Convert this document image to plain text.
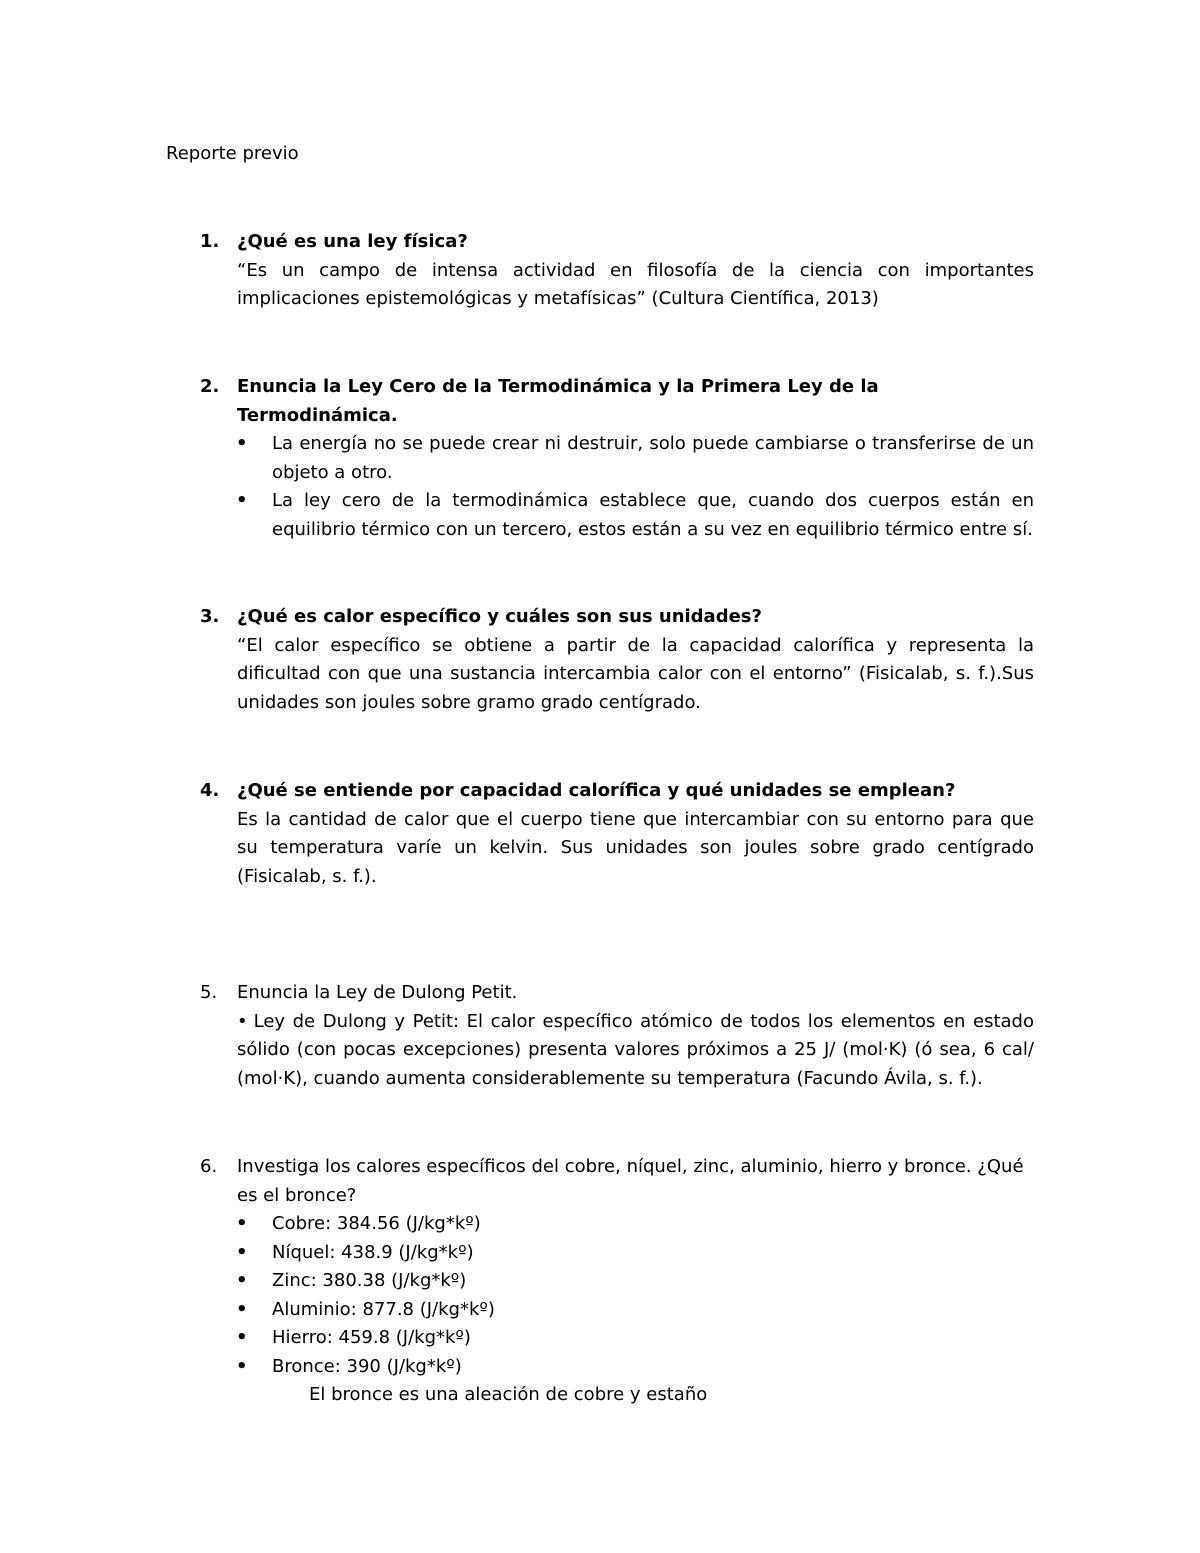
Reporte previo
1. ¿Qué es una ley física?
“Es un campo de intensa actividad en filosofía de la ciencia con importantes implicaciones epistemológicas y metafísicas” (Cultura Científica, 2013)
2. Enuncia la Ley Cero de la Termodinámica y la Primera Ley de la Termodinámica.
• La energía no se puede crear ni destruir, solo puede cambiarse o transferirse de un objeto a otro.
• La ley cero de la termodinámica establece que, cuando dos cuerpos están en equilibrio térmico con un tercero, estos están a su vez en equilibrio térmico entre sí.
3. ¿Qué es calor específico y cuáles son sus unidades?
“El calor específico se obtiene a partir de la capacidad calorífica y representa la dificultad con que una sustancia intercambia calor con el entorno” (Fisicalab, s. f.).Sus unidades son joules sobre gramo grado centígrado.
4. ¿Qué se entiende por capacidad calorífica y qué unidades se emplean?
Es la cantidad de calor que el cuerpo tiene que intercambiar con su entorno para que su temperatura varíe un kelvin. Sus unidades son joules sobre grado centígrado (Fisicalab, s. f.).
5. Enuncia la Ley de Dulong Petit.
• Ley de Dulong y Petit: El calor específico atómico de todos los elementos en estado sólido (con pocas excepciones) presenta valores próximos a 25 J/ (mol·K) (ó sea, 6 cal/ (mol·K), cuando aumenta considerablemente su temperatura (Facundo Ávila, s. f.).
6. Investiga los calores específicos del cobre, níquel, zinc, aluminio, hierro y bronce. ¿Qué es el bronce?
• Cobre: 384.56 (J/kg*kº)
• Níquel: 438.9 (J/kg*kº)
• Zinc: 380.38 (J/kg*kº)
• Aluminio: 877.8 (J/kg*kº)
• Hierro: 459.8 (J/kg*kº)
• Bronce: 390 (J/kg*kº)
El bronce es una aleación de cobre y estaño
